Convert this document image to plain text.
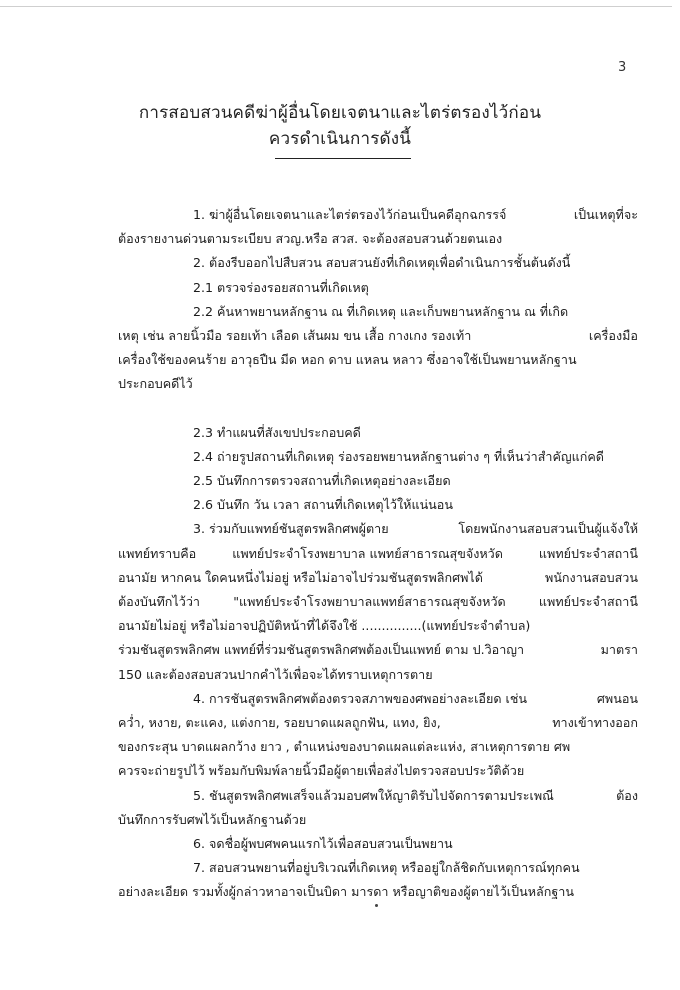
3
การสอบสวนคดีฆ่าผู้อื่นโดยเจตนาและไตร่ตรองไว้ก่อน
ควรดำเนินการดังนี้
1. ฆ่าผู้อื่นโดยเจตนาและไตร่ตรองไว้ก่อนเป็นคดีอุกฉกรรจ์	เป็นเหตุที่จะ
ต้องรายงานด่วนตามระเบียบ สวญ.หรือ สวส. จะต้องสอบสวนด้วยตนเอง
2. ต้องรีบออกไปสืบสวน สอบสวนยังที่เกิดเหตุเพื่อดำเนินการชั้นต้นดังนี้
2.1 ตรวจร่องรอยสถานที่เกิดเหตุ
2.2 ค้นหาพยานหลักฐาน ณ ที่เกิดเหตุ และเก็บพยานหลักฐาน ณ ที่เกิด
เหตุ เช่น ลายนิ้วมือ รอยเท้า เลือด เส้นผม ขน เสื้อ กางเกง รองเท้า	เครื่องมือ
เครื่องใช้ของคนร้าย อาวุธปืน มีด หอก ดาบ แหลน หลาว ซึ่งอาจใช้เป็นพยานหลักฐาน
ประกอบคดีไว้
2.3 ทำแผนที่สังเขปประกอบคดี
2.4 ถ่ายรูปสถานที่เกิดเหตุ ร่องรอยพยานหลักฐานต่าง ๆ ที่เห็นว่าสำคัญแก่คดี
2.5 บันทึกการตรวจสถานที่เกิดเหตุอย่างละเอียด
2.6 บันทึก วัน เวลา สถานที่เกิดเหตุไว้ให้แน่นอน
3. ร่วมกับแพทย์ชันสูตรพลิกศพผู้ตาย	โดยพนักงานสอบสวนเป็นผู้แจ้งให้
แพทย์ทราบคือ	แพทย์ประจำโรงพยาบาล แพทย์สาธารณสุขจังหวัด	แพทย์ประจำสถานี
อนามัย หากคน ใดคนหนึ่งไม่อยู่ หรือไม่อาจไปร่วมชันสูตรพลิกศพได้	พนักงานสอบสวน
ต้องบันทึกไว้ว่า	"แพทย์ประจำโรงพยาบาลแพทย์สาธารณสุขจังหวัด	แพทย์ประจำสถานี
อนามัยไม่อยู่ หรือไม่อาจปฏิบัติหน้าที่ได้จึงใช้ ...............(แพทย์ประจำตำบล)
ร่วมชันสูตรพลิกศพ แพทย์ที่ร่วมชันสูตรพลิกศพต้องเป็นแพทย์ ตาม ป.วิอาญา	มาตรา
150 และต้องสอบสวนปากคำไว้เพื่อจะได้ทราบเหตุการตาย
4. การชันสูตรพลิกศพต้องตรวจสภาพของศพอย่างละเอียด เช่น	ศพนอน
คว่ำ, หงาย, ตะแคง, แต่งกาย, รอยบาดแผลถูกฟัน, แทง, ยิง,	ทางเข้าทางออก
ของกระสุน บาดแผลกว้าง ยาว , ตำแหน่งของบาดแผลแต่ละแห่ง, สาเหตุการตาย ศพ
ควรจะถ่ายรูปไว้ พร้อมกับพิมพ์ลายนิ้วมือผู้ตายเพื่อส่งไปตรวจสอบประวัติด้วย
5. ชันสูตรพลิกศพเสร็จแล้วมอบศพให้ญาติรับไปจัดการตามประเพณี	ต้อง
บันทึกการรับศพไว้เป็นหลักฐานด้วย
6. จดชื่อผู้พบศพคนแรกไว้เพื่อสอบสวนเป็นพยาน
7. สอบสวนพยานที่อยู่บริเวณที่เกิดเหตุ หรืออยู่ใกล้ชิดกับเหตุการณ์ทุกคน
อย่างละเอียด รวมทั้งผู้กล่าวหาอาจเป็นบิดา มารดา หรือญาติของผู้ตายไว้เป็นหลักฐาน
